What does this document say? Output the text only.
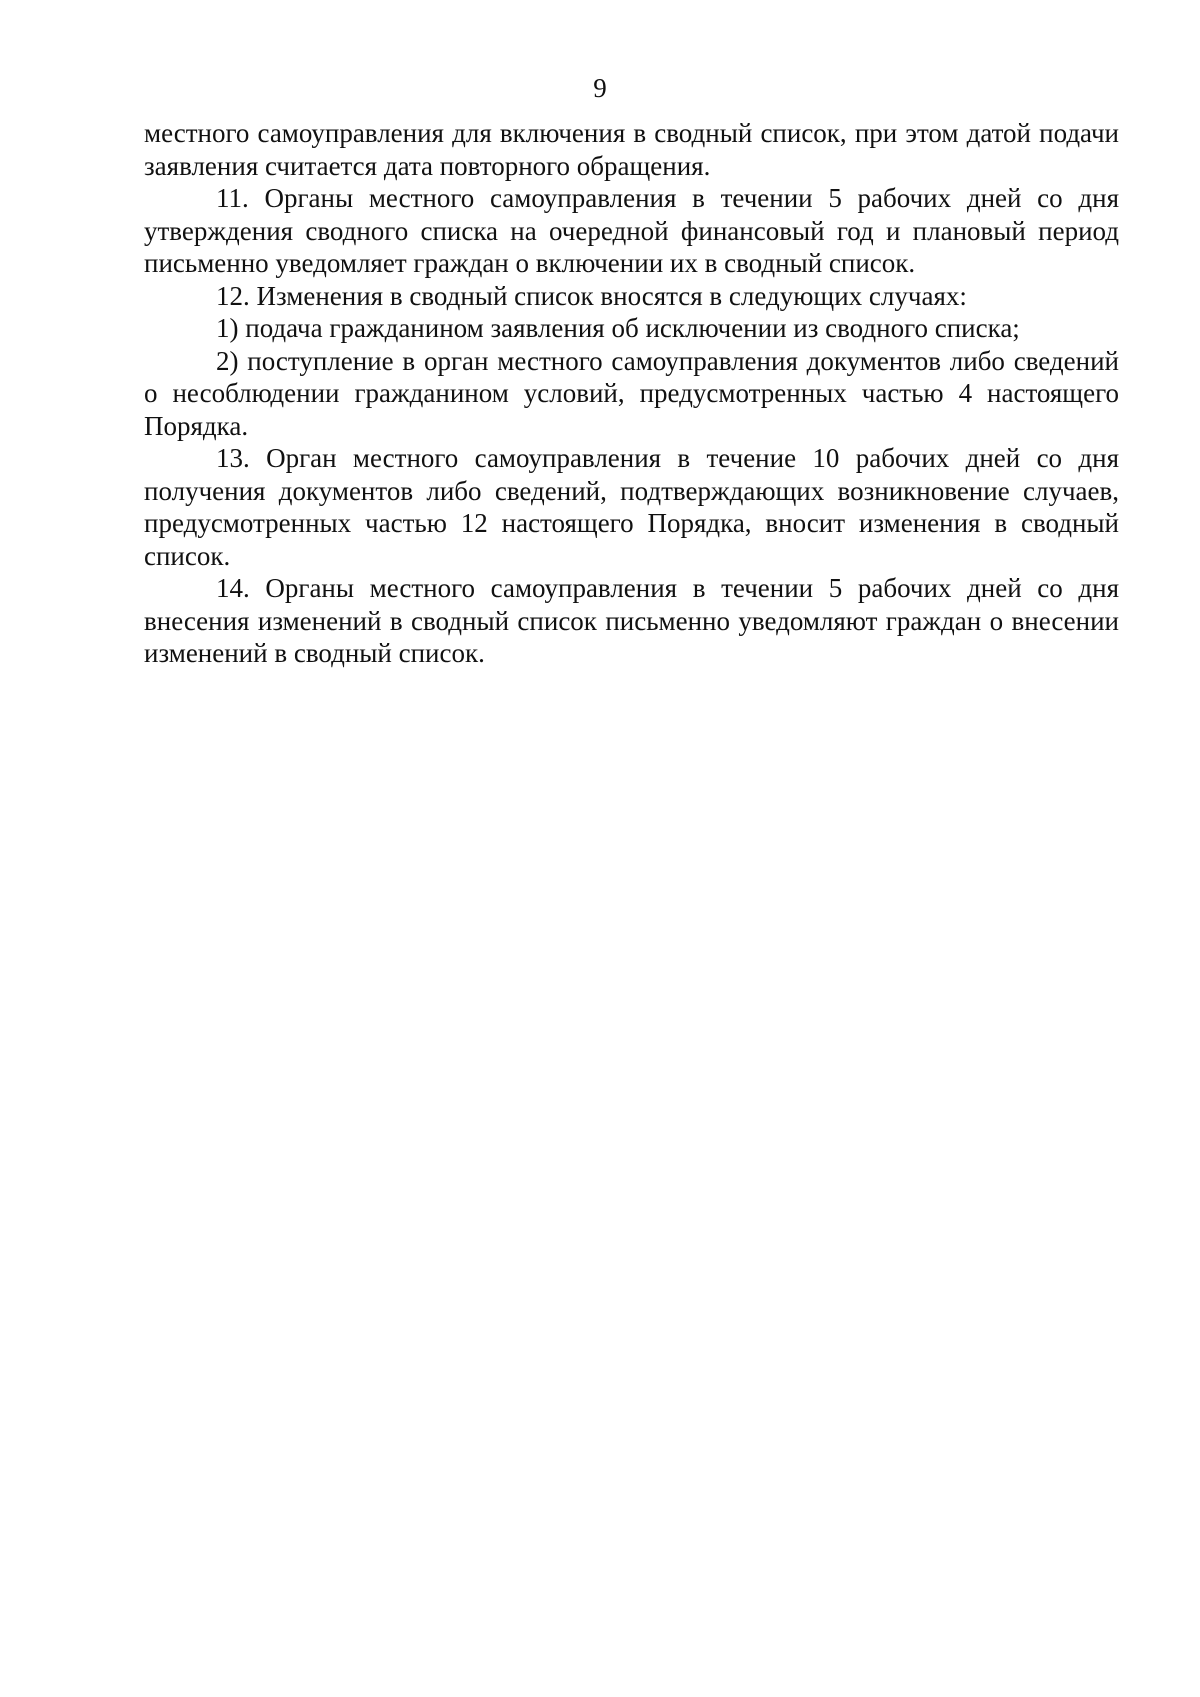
9

местного самоуправления для включения в сводный список, при этом датой подачи заявления считается дата повторного обращения.

11. Органы местного самоуправления в течении 5 рабочих дней со дня утверждения сводного списка на очередной финансовый год и плановый период письменно уведомляет граждан о включении их в сводный список.

12. Изменения в сводный список вносятся в следующих случаях:

1) подача гражданином заявления об исключении из сводного списка;

2) поступление в орган местного самоуправления документов либо сведений о несоблюдении гражданином условий, предусмотренных частью 4 настоящего Порядка.

13. Орган местного самоуправления в течение 10 рабочих дней со дня получения документов либо сведений, подтверждающих возникновение случаев, предусмотренных частью 12 настоящего Порядка, вносит изменения в сводный список.

14. Органы местного самоуправления в течении 5 рабочих дней со дня внесения изменений в сводный список письменно уведомляют граждан о внесении изменений в сводный список.
